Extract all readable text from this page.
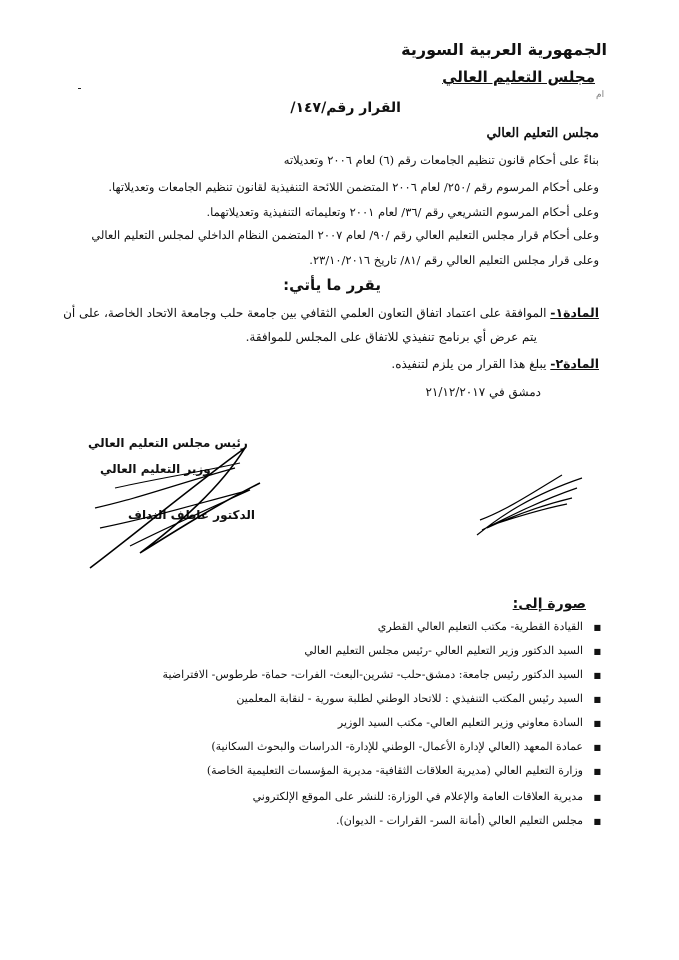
الجمهورية العربية السورية
مجلس التعليم العالي
القرار رقم/١٤٧/
مجلس التعليم العالي
بناءً على أحكام قانون تنظيم الجامعات رقم (٦) لعام ٢٠٠٦ وتعديلاته
وعلى أحكام المرسوم رقم /٢٥٠/ لعام ٢٠٠٦ المتضمن اللائحة التنفيذية لقانون تنظيم الجامعات وتعديلاتها.
وعلى أحكام المرسوم التشريعي رقم /٣٦/ لعام ٢٠٠١ وتعليماته التنفيذية وتعديلاتهما.
وعلى أحكام قرار مجلس التعليم العالي رقم /٩٠/ لعام ٢٠٠٧ المتضمن النظام الداخلي لمجلس التعليم العالي
وعلى قرار مجلس التعليم العالي رقم /٨١/ تاريخ ٢٣/١٠/٢٠١٦.
يقرر ما يأتي:
المادة١- الموافقة على اعتماد اتفاق التعاون العلمي الثقافي بين جامعة حلب وجامعة الاتحاد الخاصة، على أن
يتم عرض أي برنامج تنفيذي للاتفاق على المجلس للموافقة.
المادة٢- يبلغ هذا القرار من يلزم لتنفيذه.
دمشق في ٢١/١٢/٢٠١٧
رئيس مجلس التعليم العالي
وزير التعليم العالي
الدكتور عاطف النداف
ام
صورة إلى:
■ القيادة القطرية- مكتب التعليم العالي القطري
■ السيد الدكتور وزير التعليم العالي -رئيس مجلس التعليم العالي
■ السيد الدكتور رئيس جامعة: دمشق-حلب- تشرين-البعث- الفرات- حماة- طرطوس- الافتراضية
■ السيد رئيس المكتب التنفيذي : للاتحاد الوطني لطلبة سورية - لنقابة المعلمين
■ السادة معاوني وزير التعليم العالي- مكتب السيد الوزير
■ عمادة المعهد (العالي لإدارة الأعمال- الوطني للإدارة- الدراسات والبحوث السكانية)
■ وزارة التعليم العالي (مديرية العلاقات الثقافية- مديرية المؤسسات التعليمية الخاصة)
■ مديرية العلاقات العامة والإعلام في الوزارة: للنشر على الموقع الإلكتروني
■ مجلس التعليم العالي (أمانة السر- القرارات - الديوان).
